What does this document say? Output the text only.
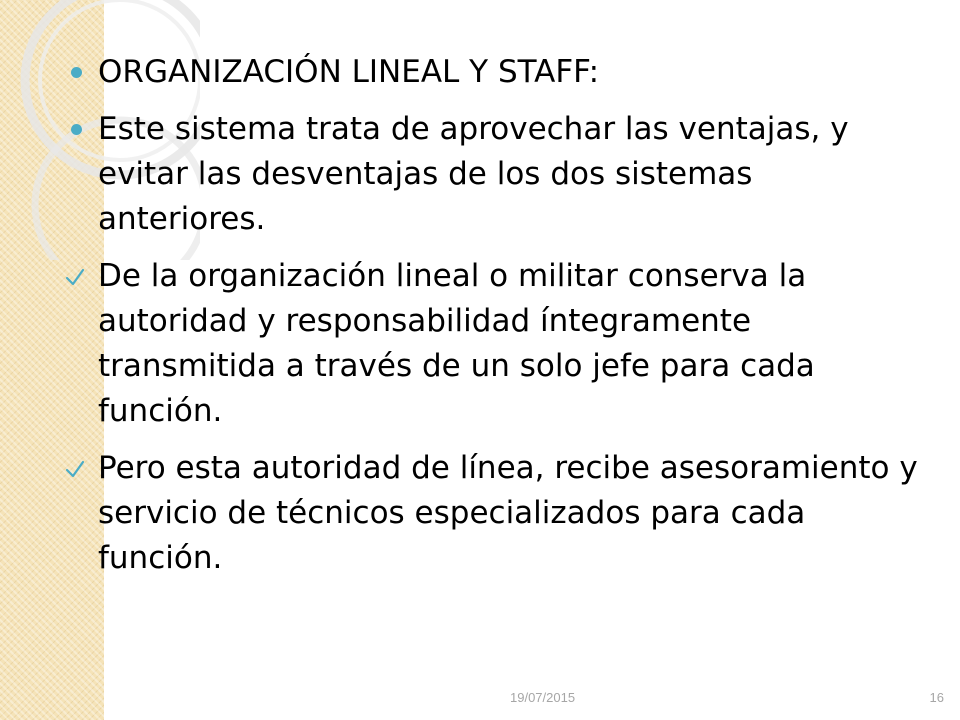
ORGANIZACIÓN LINEAL Y STAFF:
Este sistema trata de aprovechar las ventajas, y evitar las desventajas de los dos sistemas anteriores.
De la organización lineal o militar conserva la autoridad y responsabilidad íntegramente transmitida a través de un solo jefe para cada función.
Pero esta autoridad de línea, recibe asesoramiento y servicio de técnicos especializados para cada función.
19/07/2015	16
